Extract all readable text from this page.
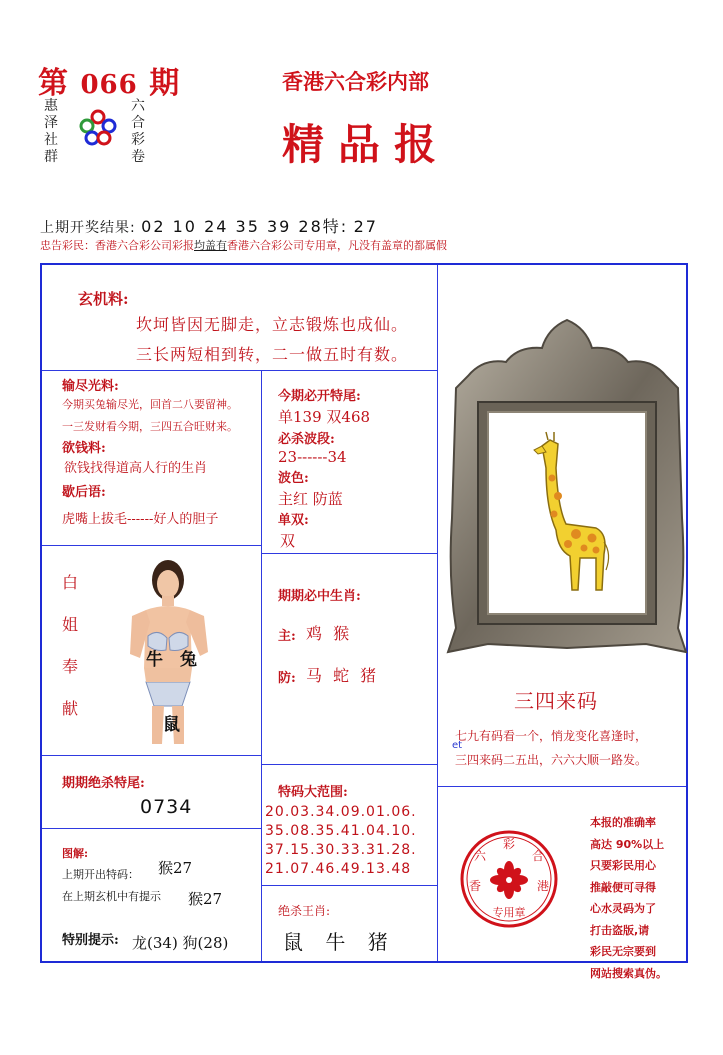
第 066 期
惠
泽
社
群
六
合
彩
卷
香港六合彩内部
精品报
上期开奖结果: 02 10 24 35 39 28特: 27
忠告彩民：香港六合彩公司彩报均盖有香港六合彩公司专用章，凡没有盖章的都属假
玄机料:
坎坷皆因无脚走，立志锻炼也成仙。
三长两短相到转，二一做五时有数。
输尽光料:
今期买兔输尽光，回首二八要留神。
一三发财看今期，三四五合旺财来。
欲钱料:
欲钱找得道高人行的生肖
歇后语:
虎嘴上拔毛------好人的胆子
今期必开特尾:
单139 双468
必杀波段:
23------34
波色:
主红 防蓝
单双:
双
白
姐
奉
献
牛 兔
鼠
期期必中生肖:
主: 鸡 猴
防: 马 蛇 猪
三四来码
七九有码看一个，悄龙变化喜逢时，
et
三四来码二五出，六六大顺一路发。
期期绝杀特尾:
0734
特码大范围:
20.03.34.09.01.06.
35.08.35.41.04.10.
37.15.30.33.31.28.
21.07.46.49.13.48
图解:
上期开出特码： 猴27
在上期玄机中有提示 猴27
特别提示: 龙(34) 狗(28)
绝杀王肖:
鼠 牛 猪
彩
六	合
香	港
专用章
本报的准确率
高达 90%以上
只要彩民用心
推敲便可寻得
心水灵码为了
打击盗版,请
彩民无宗要到
网站搜索真伪。
